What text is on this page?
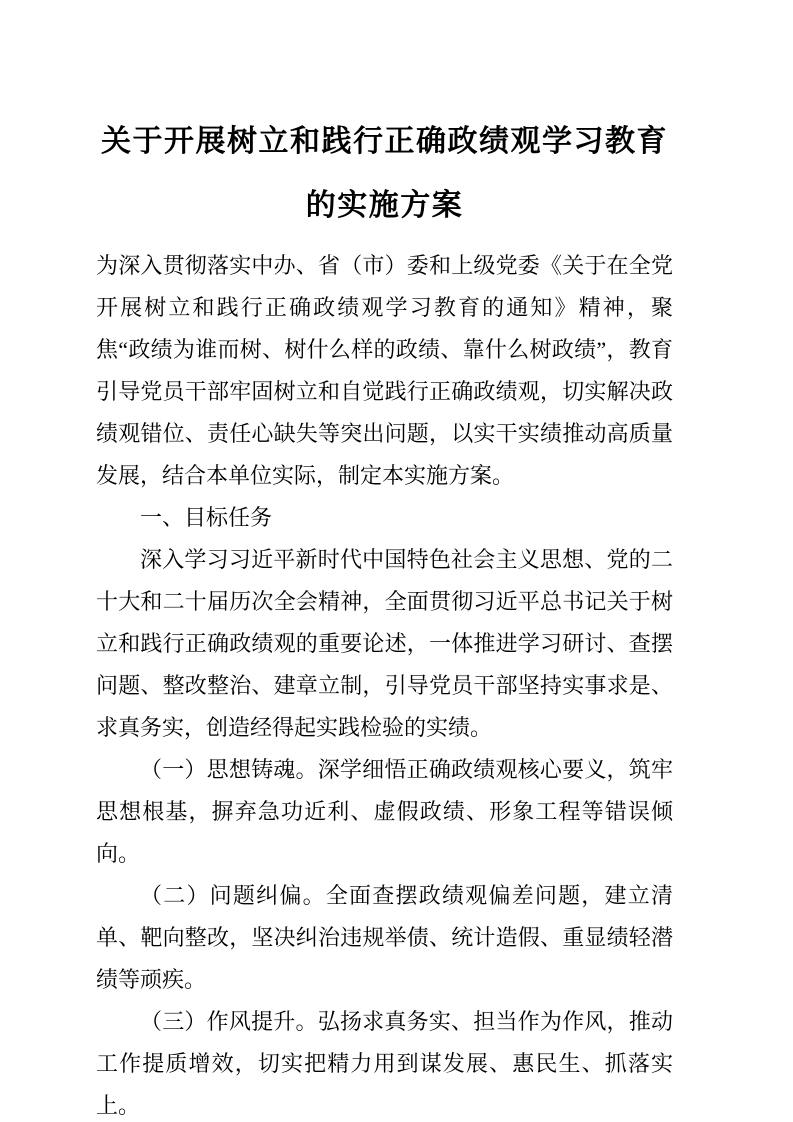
关于开展树立和践行正确政绩观学习教育的实施方案

为深入贯彻落实中办、省（市）委和上级党委《关于在全党开展树立和践行正确政绩观学习教育的通知》精神，聚焦“政绩为谁而树、树什么样的政绩、靠什么树政绩”，教育引导党员干部牢固树立和自觉践行正确政绩观，切实解决政绩观错位、责任心缺失等突出问题，以实干实绩推动高质量发展，结合本单位实际，制定本实施方案。

一、目标任务

深入学习习近平新时代中国特色社会主义思想、党的二十大和二十届历次全会精神，全面贯彻习近平总书记关于树立和践行正确政绩观的重要论述，一体推进学习研讨、查摆问题、整改整治、建章立制，引导党员干部坚持实事求是、求真务实，创造经得起实践检验的实绩。

（一）思想铸魂。深学细悟正确政绩观核心要义，筑牢思想根基，摒弃急功近利、虚假政绩、形象工程等错误倾向。

（二）问题纠偏。全面查摆政绩观偏差问题，建立清单、靶向整改，坚决纠治违规举债、统计造假、重显绩轻潜绩等顽疾。

（三）作风提升。弘扬求真务实、担当作为作风，推动工作提质增效，切实把精力用到谋发展、惠民生、抓落实上。
